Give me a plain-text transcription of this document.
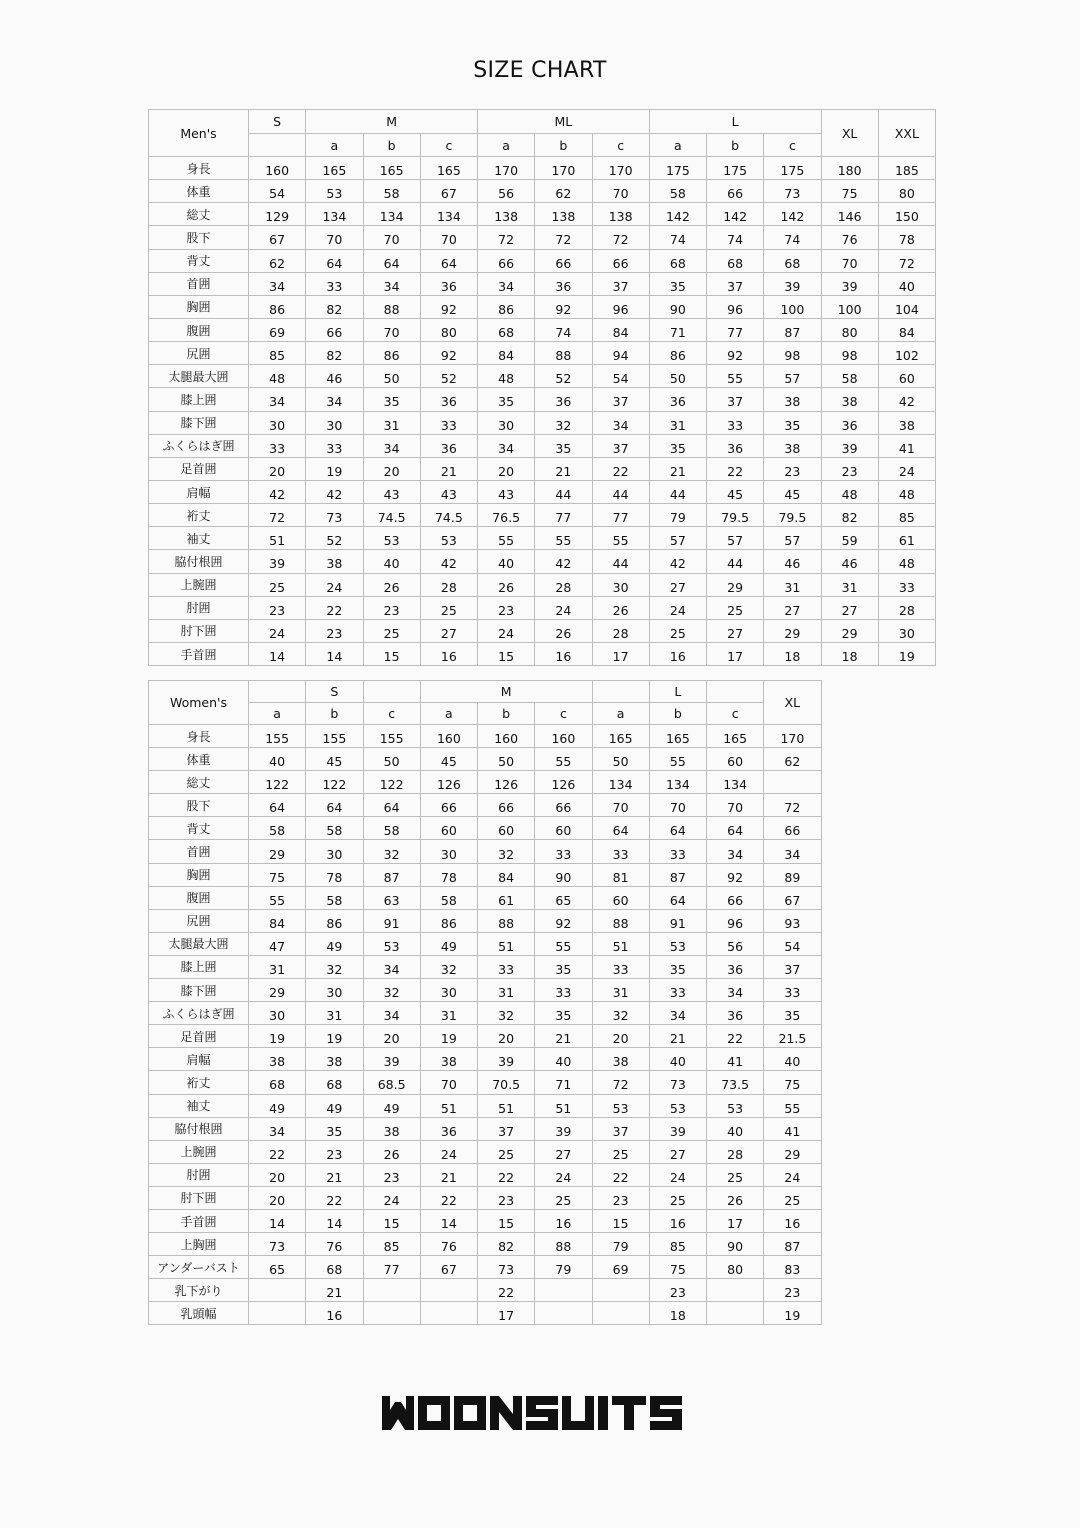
SIZE CHART
Men's	S	M			ML			L			XL	XXL
		a	b	c	a	b	c	a	b	c		
身長	160	165	165	165	170	170	170	175	175	175	180	185
体重	54	53	58	67	56	62	70	58	66	73	75	80
総丈	129	134	134	134	138	138	138	142	142	142	146	150
股下	67	70	70	70	72	72	72	74	74	74	76	78
背丈	62	64	64	64	66	66	66	68	68	68	70	72
首囲	34	33	34	36	34	36	37	35	37	39	39	40
胸囲	86	82	88	92	86	92	96	90	96	100	100	104
腹囲	69	66	70	80	68	74	84	71	77	87	80	84
尻囲	85	82	86	92	84	88	94	86	92	98	98	102
太腿最大囲	48	46	50	52	48	52	54	50	55	57	58	60
膝上囲	34	34	35	36	35	36	37	36	37	38	38	42
膝下囲	30	30	31	33	30	32	34	31	33	35	36	38
ふくらはぎ囲	33	33	34	36	34	35	37	35	36	38	39	41
足首囲	20	19	20	21	20	21	22	21	22	23	23	24
肩幅	42	42	43	43	43	44	44	44	45	45	48	48
裄丈	72	73	74.5	74.5	76.5	77	77	79	79.5	79.5	82	85
袖丈	51	52	53	53	55	55	55	57	57	57	59	61
脇付根囲	39	38	40	42	40	42	44	42	44	46	46	48
上腕囲	25	24	26	28	26	28	30	27	29	31	31	33
肘囲	23	22	23	25	23	24	26	24	25	27	27	28
肘下囲	24	23	25	27	24	26	28	25	27	29	29	30
手首囲	14	14	15	16	15	16	17	16	17	18	18	19
Women's		S		M				L		XL
	a	b	c	a	b	c	a	b	c	
身長	155	155	155	160	160	160	165	165	165	170
体重	40	45	50	45	50	55	50	55	60	62
総丈	122	122	122	126	126	126	134	134	134	
股下	64	64	64	66	66	66	70	70	70	72
背丈	58	58	58	60	60	60	64	64	64	66
首囲	29	30	32	30	32	33	33	33	34	34
胸囲	75	78	87	78	84	90	81	87	92	89
腹囲	55	58	63	58	61	65	60	64	66	67
尻囲	84	86	91	86	88	92	88	91	96	93
太腿最大囲	47	49	53	49	51	55	51	53	56	54
膝上囲	31	32	34	32	33	35	33	35	36	37
膝下囲	29	30	32	30	31	33	31	33	34	33
ふくらはぎ囲	30	31	34	31	32	35	32	34	36	35
足首囲	19	19	20	19	20	21	20	21	22	21.5
肩幅	38	38	39	38	39	40	38	40	41	40
裄丈	68	68	68.5	70	70.5	71	72	73	73.5	75
袖丈	49	49	49	51	51	51	53	53	53	55
脇付根囲	34	35	38	36	37	39	37	39	40	41
上腕囲	22	23	26	24	25	27	25	27	28	29
肘囲	20	21	23	21	22	24	22	24	25	24
肘下囲	20	22	24	22	23	25	23	25	26	25
手首囲	14	14	15	14	15	16	15	16	17	16
上胸囲	73	76	85	76	82	88	79	85	90	87
アンダーバスト	65	68	77	67	73	79	69	75	80	83
乳下がり		21			22			23		23
乳頭幅		16			17			18		19
